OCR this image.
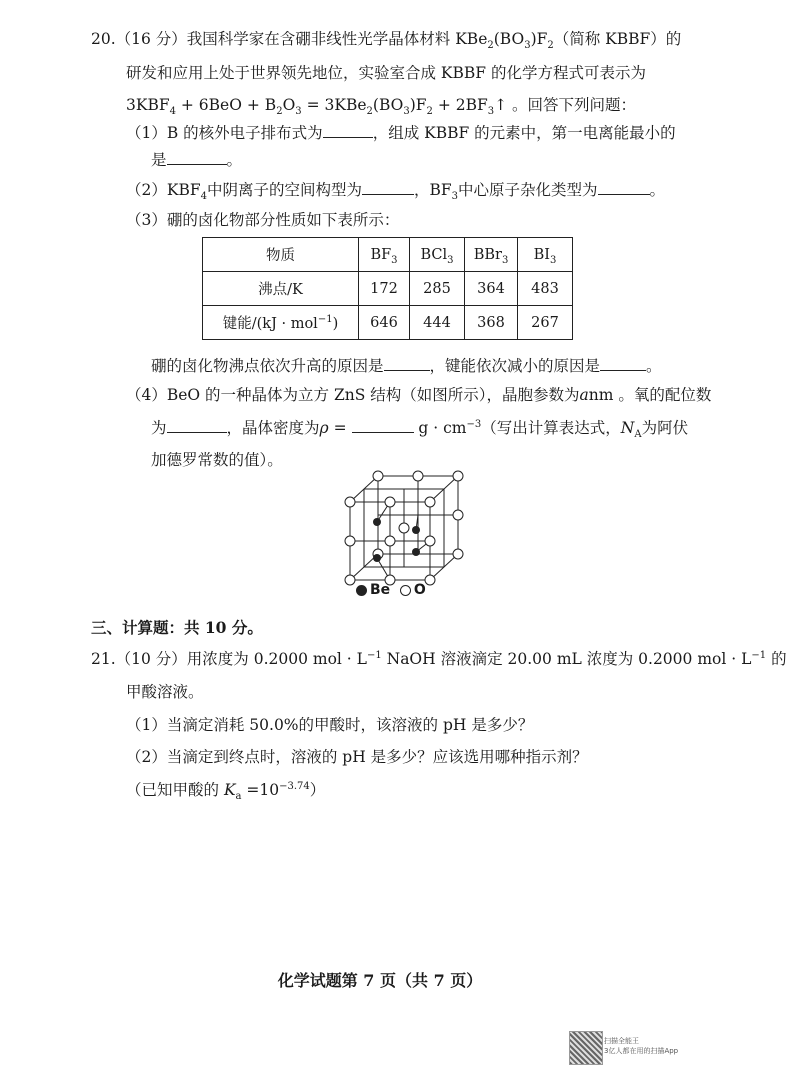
20.（16 分）我国科学家在含硼非线性光学晶体材料 $KBe_2(BO_3)F_2$（简称 KBBF）的
研发和应用上处于世界领先地位，实验室合成 KBBF 的化学方程式可表示为
$3KBF_4 + 6BeO + B_2O_3 = 3KBe_2(BO_3)F_2$ + $2BF_3↑$ 。回答下列问题：
（1）B 的核外电子排布式为	，组成 KBBF 的元素中，第一电离能最小的
是	。
$(2)KBF_4$中阴离子的空间构型为	，$BF_3$中心原子杂化类型为	。
（3）硼的卤化物部分性质如下表所示：
物质	$BF_3$	BCl$_3$	BBr$_3$	$BI_3$
沸点/K	172	285	364	483
键能/(kJ · mol$^{-1}$)	646	444	368	267
硼的卤化物沸点依次升高的原因是	，键能依次减小的原因是	。
（4）BeO 的一种晶体为立方 ZnS 结构（如图所示），晶胞参数为anm 。氧的配位数
为	，晶体密度为ρ =	$g \cdot cm^{-3}$（写出计算表达式，$N_A$为阿伏
加德罗常数的值）。
Be O
三、计算题：共 10 分。
21.（10 分）用浓度为 0.2000 mol · $L^{-1}$ NaOH 溶液滴定 20.00 mL 浓度为 0.2000 mol · $L^{-1}$ 的
甲酸溶液。
（1）当滴定消耗 50.0%的甲酸时，该溶液的 pH 是多少？
（2）当滴定到终点时，溶液的 pH 是多少？应该选用哪种指示剂？
（已知甲酸的 $K_a =10^{-3.74}$）
化学试题第 7 页（共 7 页）
扫描全能王
3亿人都在用的扫描App
